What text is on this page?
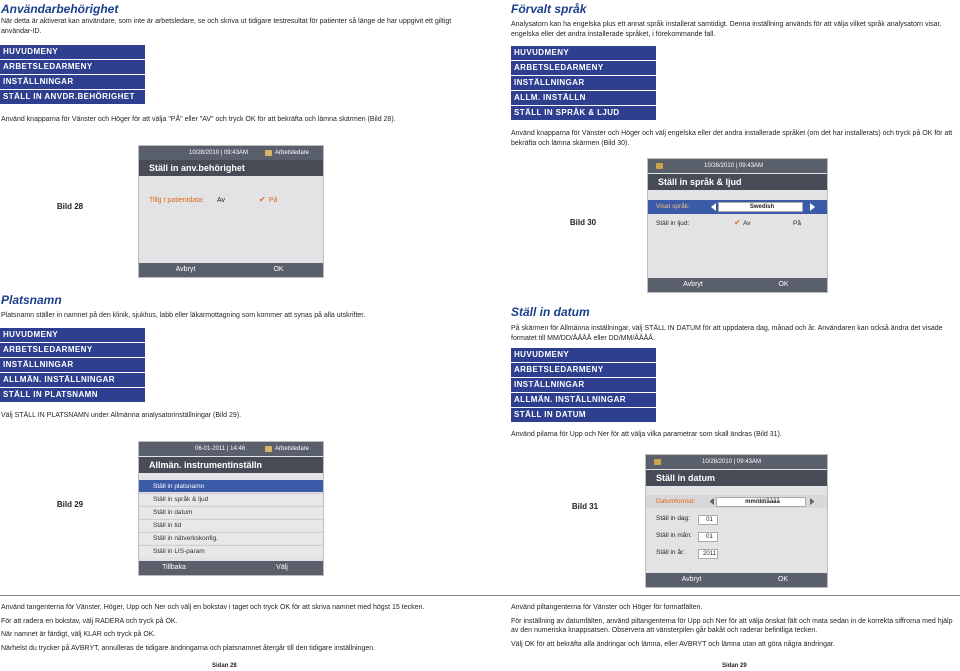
Användarbehörighet
När detta är aktiverat kan användare, som inte är arbetsledare, se och skriva ut tidigare testresultat för patienter så länge de har uppgivit ett giltigt användar-ID.
HUVUDMENY
ARBETSLEDARMENY
INSTÄLLNINGAR
STÄLL IN ANVDR.BEHÖRIGHET
Använd knapparna för Vänster och Höger för att välja "PÅ" eller "AV" och tryck OK för att bekräfta och lämna skärmen (Bild 28).
Bild 28
10/28/2010 | 09:43AM	Arbetsledare
Ställ in anv.behörighet
Tillg t patientdata: Av	✔ På
Avbryt	OK
Platsnamn
Platsnamn ställer in namnet på den klinik, sjukhus, labb eller läkarmottagning som kommer att synas på alla utskrifter.
HUVUDMENY
ARBETSLEDARMENY
INSTÄLLNINGAR
ALLMÄN. INSTÄLLNINGAR
STÄLL IN PLATSNAMN
Välj STÄLL IN PLATSNAMN under Allmänna analysatorinställningar (Bild 29).
Bild 29
06-01-2011 | 14:46	Arbetsledare
Allmän. instrumentinställn
Ställ in platsnamn
Ställ in språk & ljud
Ställ in datum
Ställ in tid
Ställ in nätverkskonfig.
Ställ in LIS-param
Tillbaka	Välj
Använd tangenterna för Vänster, Höger, Upp och Ner och välj en bokstav i taget och tryck OK för att skriva namnet med högst 15 tecken.
För att radera en bokstav, välj RADERA och tryck på OK.
När namnet är färdigt, välj KLAR och tryck på OK.
Närhelst du trycker på AVBRYT, annulleras de tidigare ändringarna och platsnamnet återgår till den tidigare inställningen.
Sidan 28
Förvalt språk
Analysatorn kan ha engelska plus ett annat språk installerat samtidigt. Denna inställning används för att välja vilket språk analysatorn visar, engelska eller det andra installerade språket, i förekommande fall.
HUVUDMENY
ARBETSLEDARMENY
INSTÄLLNINGAR
ALLM. INSTÄLLN
STÄLL IN SPRÅK & LJUD
Använd knapparna för Vänster och Höger och välj engelska eller det andra installerade språket (om det har installerats) och tryck på OK för att bekräfta och lämna skärmen (Bild 30).
Bild 30
10/28/2010 | 09:43AM
Ställ in språk & ljud
Visat språk:	Swedish
Ställ in ljud:	✔ Av	På
Avbryt	OK
Ställ in datum
På skärmen för Allmänna inställningar, välj STÄLL IN DATUM för att uppdatera dag, månad och år. Användaren kan också ändra det visade formatet till MM/DD/ÅÅÅÅ eller DD/MM/ÅÅÅÅ.
HUVUDMENY
ARBETSLEDARMENY
INSTÄLLNINGAR
ALLMÄN. INSTÄLLNINGAR
STÄLL IN DATUM
Använd pilarna för Upp och Ner för att välja vilka parametrar som skall ändras (Bild 31).
Bild 31
10/28/2010 | 09:43AM
Ställ in datum
Datumformat:	mm/dd/åååå
Ställ in dag:	01
Ställ in mån:	01
Ställ in år:	2011
Avbryt	OK
Använd piltangenterna för Vänster och Höger för formatfälten.
För inställning av datumfälten, använd piltangenterna för Upp och Ner för att välja önskat fält och mata sedan in de korrekta siffrorna med hjälp av den numeriska knappsatsen. Observera att vänsterpilen går bakåt och raderar befintliga tecken.
Välj OK för att bekräfta alla ändringar och lämna, eller AVBRYT och lämna utan att göra några ändringar.
Sidan 29
